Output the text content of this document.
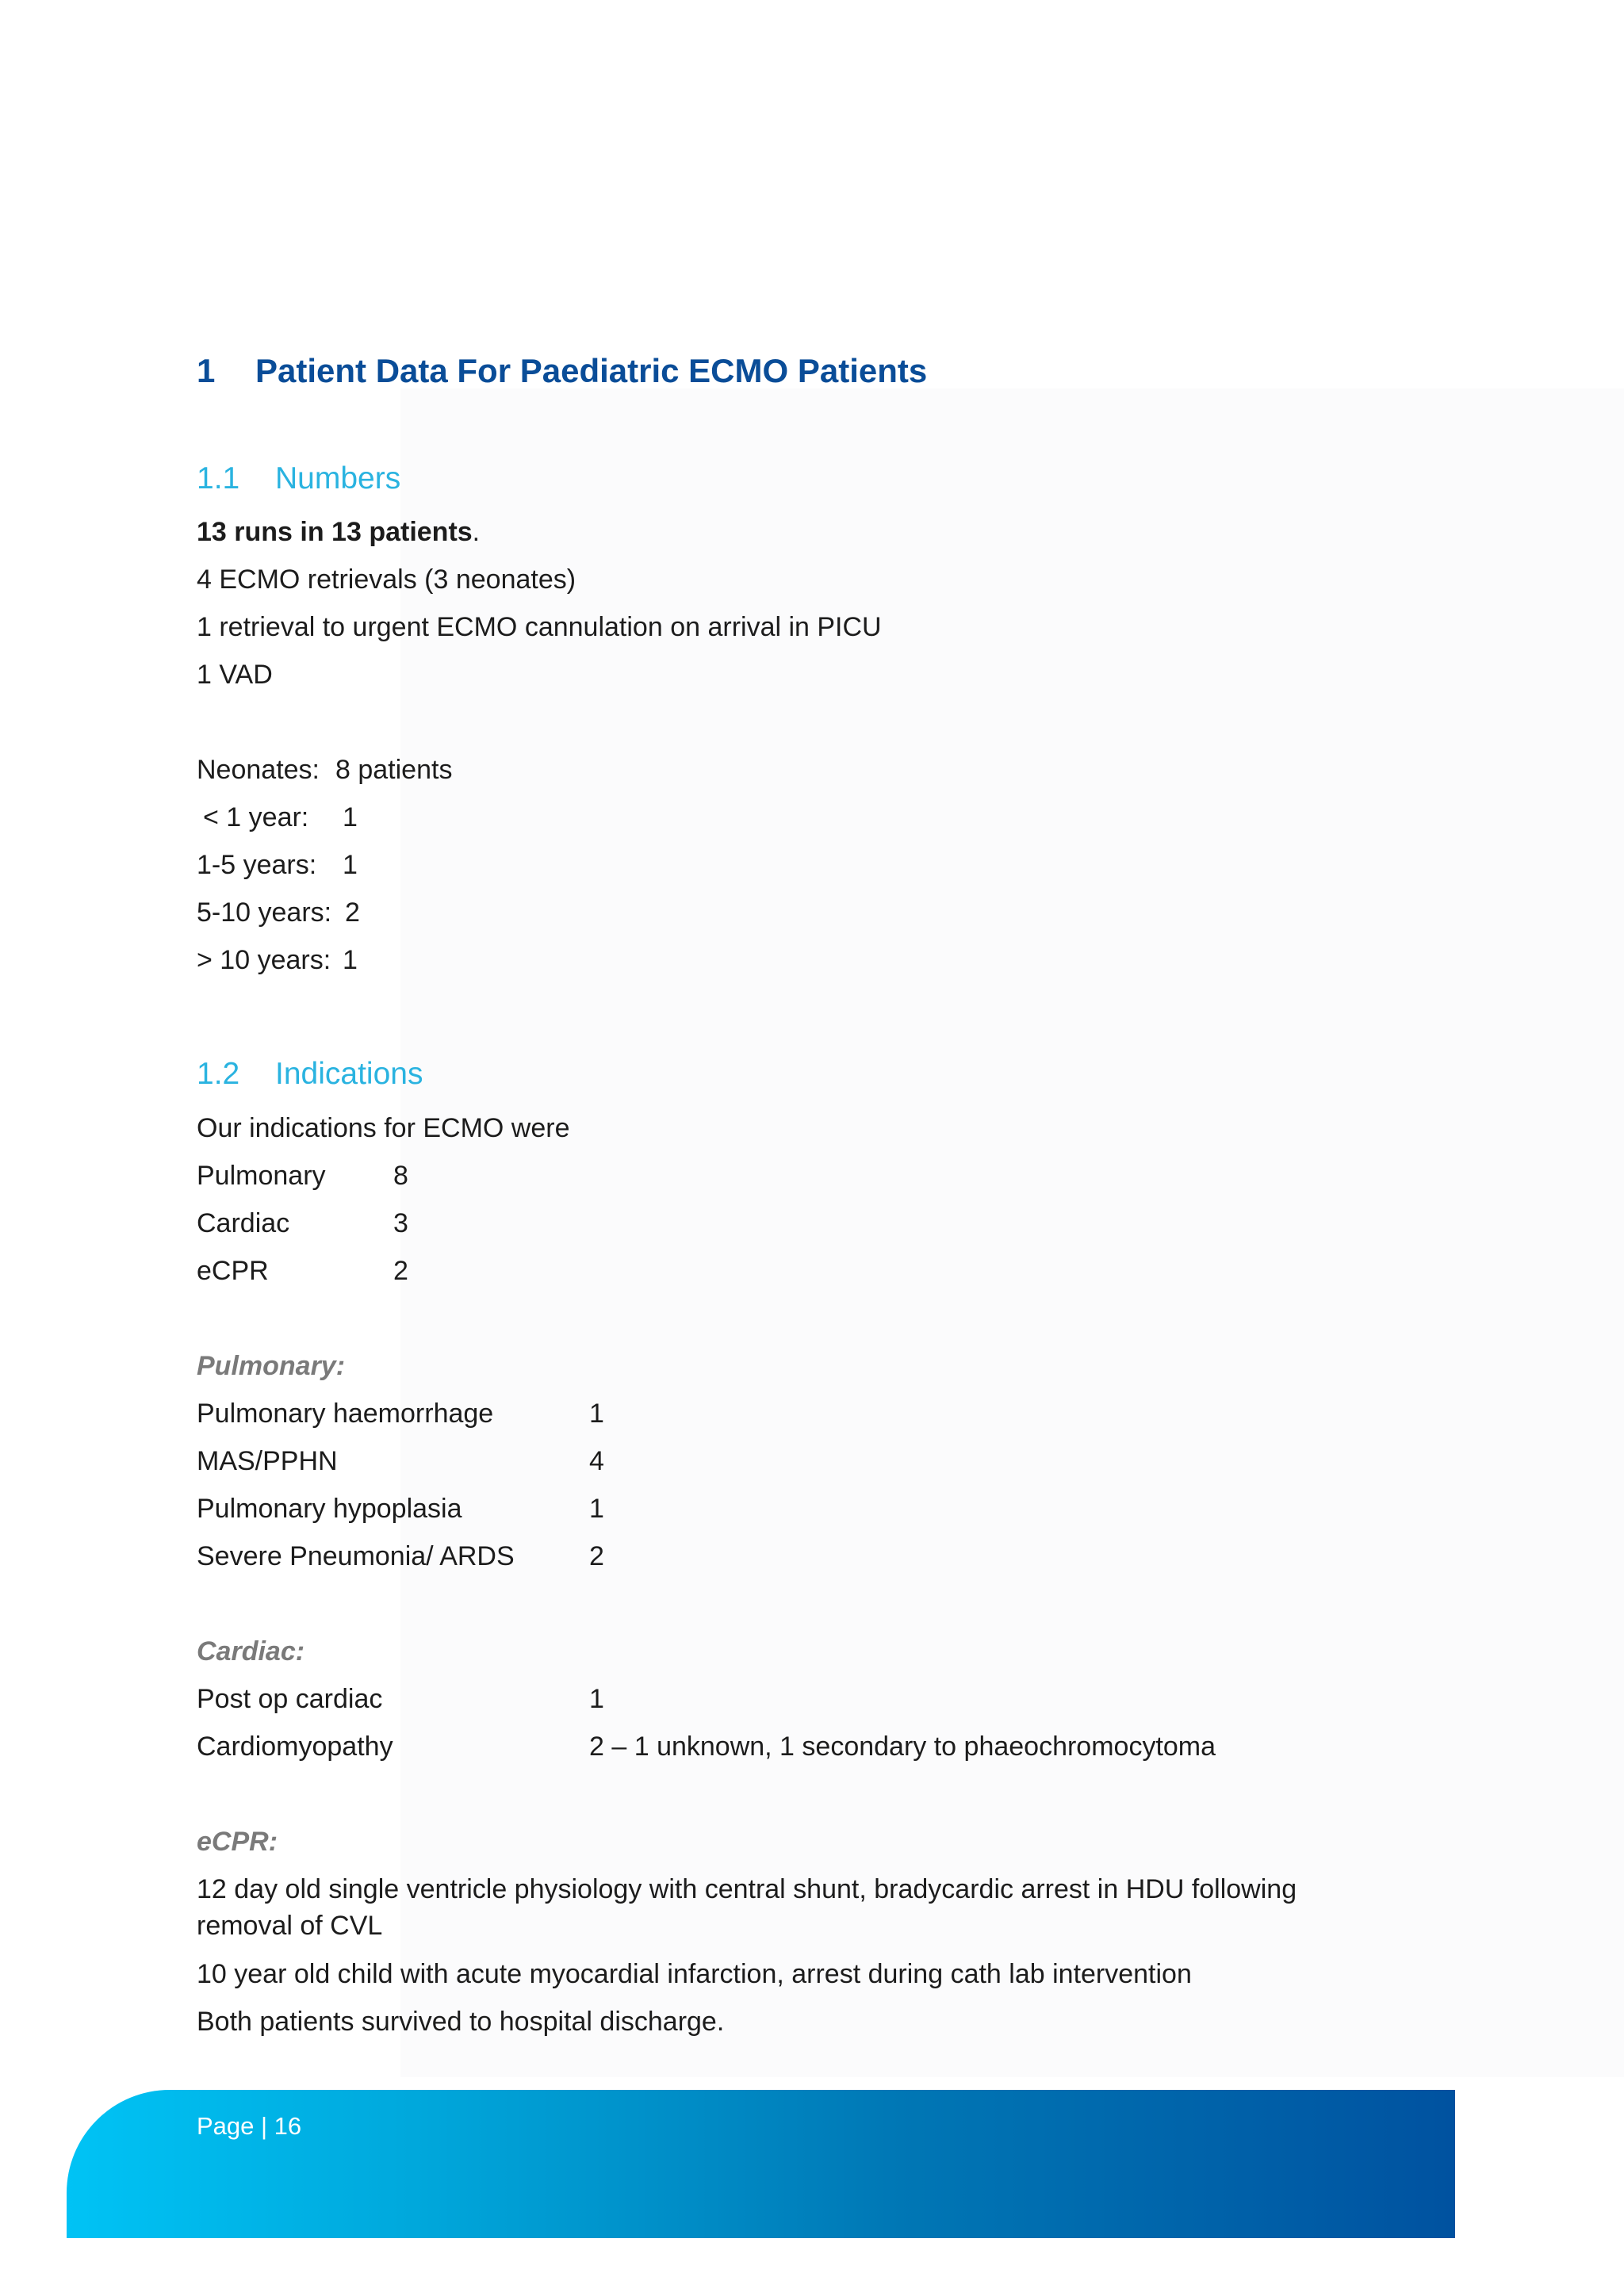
1 Patient Data For Paediatric ECMO Patients
1.1 Numbers
13 runs in 13 patients.
4 ECMO retrievals (3 neonates)
1 retrieval to urgent ECMO cannulation on arrival in PICU
1 VAD
Neonates: 8 patients
< 1 year: 1
1-5 years: 1
5-10 years: 2
> 10 years: 1
1.2 Indications
Our indications for ECMO were
Pulmonary	8
Cardiac	3
eCPR	2
Pulmonary:
Pulmonary haemorrhage	1
MAS/PPHN	4
Pulmonary hypoplasia	1
Severe Pneumonia/ ARDS	2
Cardiac:
Post op cardiac	1
Cardiomyopathy	2 – 1 unknown, 1 secondary to phaeochromocytoma
eCPR:
12 day old single ventricle physiology with central shunt, bradycardic arrest in HDU following
removal of CVL
10 year old child with acute myocardial infarction, arrest during cath lab intervention
Both patients survived to hospital discharge.
Page | 16
